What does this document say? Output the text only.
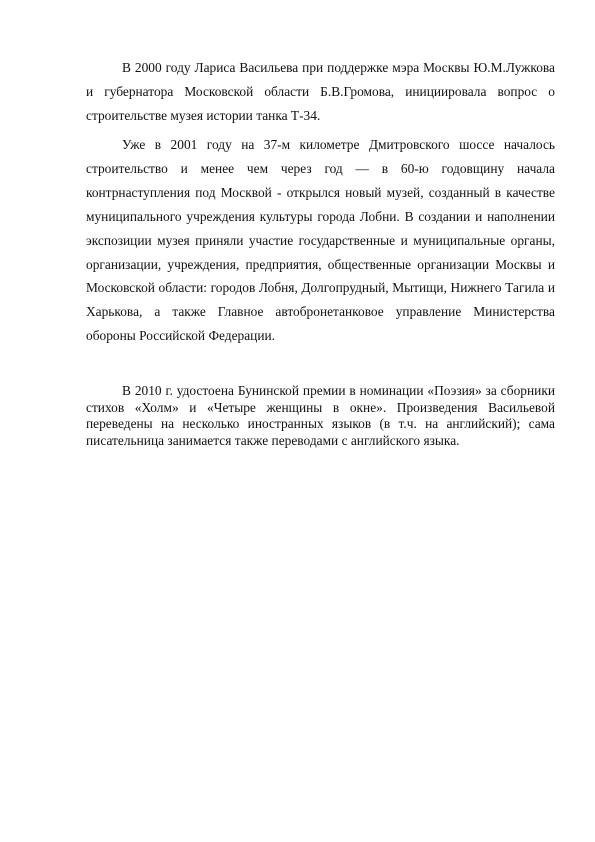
В 2000 году Лариса Васильева при поддержке мэра Москвы Ю.М.Лужкова и губернатора Московской области Б.В.Громова, инициировала вопрос о строительстве музея истории танка Т-34.

Уже в 2001 году на 37-м километре Дмитровского шоссе началось строительство и менее чем через год — в 60-ю годовщину начала контрнаступления под Москвой - открылся новый музей, созданный в качестве муниципального учреждения культуры города Лобни. В создании и наполнении экспозиции музея приняли участие государственные и муниципальные органы, организации, учреждения, предприятия, общественные организации Москвы и Московской области: городов Лобня, Долгопрудный, Мытищи, Нижнего Тагила и Харькова, а также Главное автобронетанковое управление Министерства обороны Российской Федерации.

В 2010 г. удостоена Бунинской премии в номинации «Поэзия» за сборники стихов «Холм» и «Четыре женщины в окне». Произведения Васильевой переведены на несколько иностранных языков (в т.ч. на английский); сама писательница занимается также переводами с английского языка.
